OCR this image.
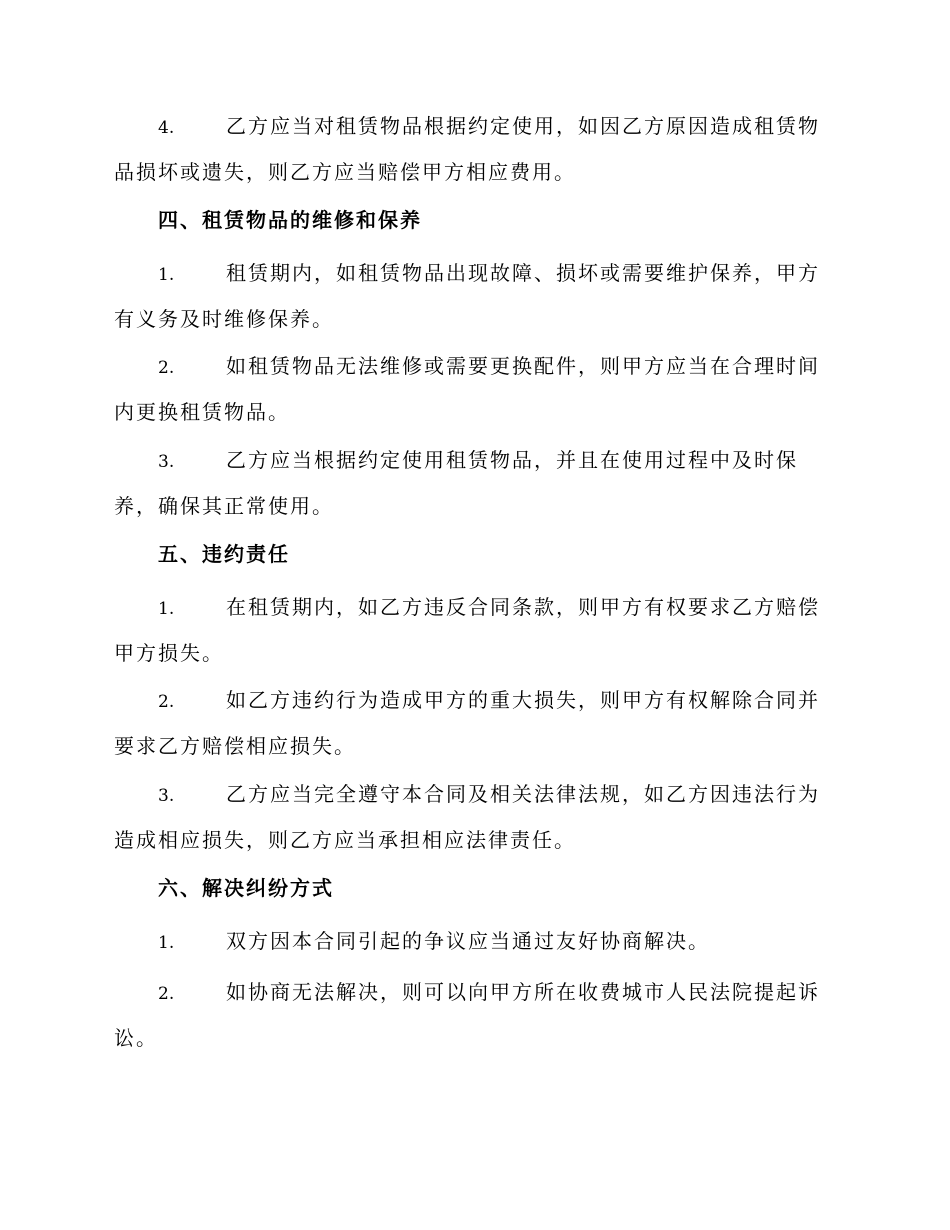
4.	乙方应当对租赁物品根据约定使用，如因乙方原因造成租赁物品损坏或遗失，则乙方应当赔偿甲方相应费用。

四、租赁物品的维修和保养

1.	租赁期内，如租赁物品出现故障、损坏或需要维护保养，甲方有义务及时维修保养。

2.	如租赁物品无法维修或需要更换配件，则甲方应当在合理时间内更换租赁物品。

3.	乙方应当根据约定使用租赁物品，并且在使用过程中及时保养，确保其正常使用。

五、违约责任

1.	在租赁期内，如乙方违反合同条款，则甲方有权要求乙方赔偿甲方损失。

2.	如乙方违约行为造成甲方的重大损失，则甲方有权解除合同并要求乙方赔偿相应损失。

3.	乙方应当完全遵守本合同及相关法律法规，如乙方因违法行为造成相应损失，则乙方应当承担相应法律责任。

六、解决纠纷方式

1.	双方因本合同引起的争议应当通过友好协商解决。

2.	如协商无法解决，则可以向甲方所在收费城市人民法院提起诉讼。
